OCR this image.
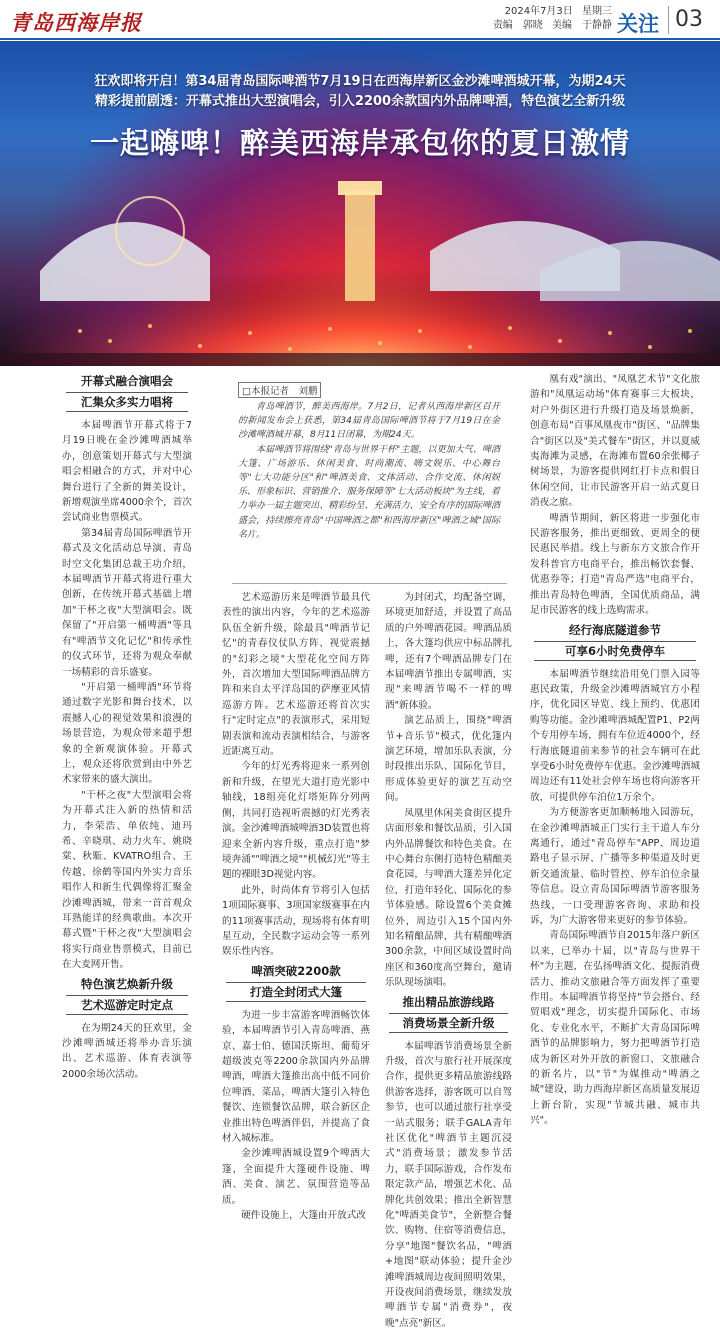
青岛西海岸报	2024年7月3日 星期三
责编　郭晓 美编　于静静 关注 03
狂欢即将开启！第34届青岛国际啤酒节7月19日在西海岸新区金沙滩啤酒城开幕，为期24天
精彩提前剧透：开幕式推出大型演唱会，引入2200余款国内外品牌啤酒，特色演艺全新升级
一起嗨啤！醉美西海岸承包你的夏日激情
开幕式融合演唱会
汇集众多实力唱将

本届啤酒节开幕式将于7月19日晚在金沙滩啤酒城举办，创意策划开幕式与大型演唱会相融合的方式，并对中心舞台进行了全新的舞美设计，新增观演坐席4000余个，首次尝试商业售票模式。

第34届青岛国际啤酒节开幕式及文化活动总导演、青岛时空文化集团总裁王功介绍，本届啤酒节开幕式将进行重大创新，在传统开幕式基础上增加"干杯之夜"大型演唱会。既保留了"开启第一桶啤酒"等具有"啤酒节文化记忆"和传承性的仪式环节，还将为观众奉献一场精彩的音乐盛宴。

"开启第一桶啤酒"环节将通过数字光影和舞台技术，以震撼人心的视觉效果和浪漫的场景营造，为观众带来超乎想象的全新观演体验。开幕式上，观众还将欣赏到由中外艺术家带来的盛大演出。

"干杯之夜"大型演唱会将为开幕式注入新的热情和活力，李荣浩、单依纯、迪玛希、辛晓琪、动力火车、姚晓棠、秋駈、KVATRO组合、王传越、徐鹤等国内外实力音乐唱作人和新生代偶像将汇聚金沙滩啤酒城，带来一首首观众耳熟能详的经典歌曲。本次开幕式暨"干杯之夜"大型演唱会将实行商业售票模式，目前已在大麦网开售。

特色演艺焕新升级
艺术巡游定时定点

在为期24天的狂欢里，金沙滩啤酒城还将举办音乐演出、艺术巡游、体育表演等2000余场次活动。

□本报记者　刘鹏

青岛啤酒节，醉美西海岸。7月2日，记者从西海岸新区召开的新闻发布会上获悉，第34届青岛国际啤酒节将于7月19日在金沙滩啤酒城开幕，8月11日闭幕，为期24天。

本届啤酒节将围绕"青岛与世界干杯"主题，以更加大气、啤酒大篷、广场游乐、休闲美食、时尚潮流、嗨文娱乐、中心舞台等"七大功能分区"和"啤酒美食、文体活动、合作交流、休闲娱乐、形象标识、营销推介、服务保障等"七大活动板块"为主线，着力举办一届主题突出、精彩纷呈、充满活力、安全有序的国际啤酒盛会，持续擦亮青岛"中国啤酒之都"和西海岸新区"啤酒之城"国际名片。

艺术巡游历来是啤酒节最具代表性的演出内容，今年的艺术巡游队伍全新升级，除最具"啤酒节记忆"的青春仪仗队方阵、视觉震撼的"幻彩之境"大型花化空间方阵外，首次增加大型国际啤酒品牌方阵和来自太平洋岛国的萨摩亚风情巡游方阵。艺术巡游还将首次实行"定时定点"的表演形式，采用短剧表演和流动表演相结合，与游客近距离互动。

今年的灯光秀将迎来一系列创新和升级，在望光大道打造光影中轴线，18组亮化灯塔矩阵分列两侧，共同打造视听震撼的灯光秀表演。金沙滩啤酒城啤酒3D装置也将迎来全新内容升级，重点打造"梦境奔涌""啤酒之境""机械幻光"等主题的裸眼3D视觉内容。

此外，时尚体育节将引入包括1项国际赛事、3项国家级赛事在内的11项赛事活动，现场将有体育明星互动，全民数字运动会等一系列娱乐性内容。

啤酒突破2200款
打造全封闭式大篷

为进一步丰富游客啤酒畅饮体验，本届啤酒节引入青岛啤酒、燕京、嘉士伯、德国沃斯坦、葡萄牙超级波克等2200余款国内外品牌啤酒，啤酒大篷推出高中低不同价位啤酒、菜品，啤酒大篷引入特色餐饮、连锁餐饮品牌，联合新区企业推出特色啤酒伴侣，并提高了食材入城标准。

金沙滩啤酒城设置9个啤酒大篷，全面提升大篷硬件设施、啤酒、美食、演艺、氛围营造等品质。

硬件设施上，大篷由开放式改

为封闭式，均配备空调，环境更加舒适，并设置了高品质的户外啤酒花园。啤酒品质上，各大篷均供应中标品牌扎啤，还有7个啤酒品牌专门在本届啤酒节推出专属啤酒，实现"来啤酒节喝不一样的啤酒"新体验。

演艺品质上，围绕"啤酒节+音乐节"模式，优化篷内演艺环境，增加乐队表演，分时段推出乐队、国际化节目，形成体验更好的演艺互动空间。

凤凰里休闲美食街区提升店面形象和餐饮品质，引入国内外品牌餐饮和特色美食。在中心舞台东侧打造特色精酿美食花园，与啤酒大篷差异化定位，打造年轻化、国际化的参节体验感。除设置6个美食摊位外，周边引入15个国内外知名精酿品牌，共有精酿啤酒300余款，中间区域设置时尚座区和360度高空舞台，邀请乐队现场演唱。

推出精品旅游线路
消费场景全新升级

本届啤酒节消费场景全新升级，首次与旅行社开展深度合作，提供更多精品旅游线路供游客选择，游客既可以自驾参节，也可以通过旅行社享受一站式服务；联手GALA青年社区优化"啤酒节主题沉浸式"消费场景；激发参节活力，联手国际游戏，合作发布限定款产品，增强艺术化、品牌化共创效果；推出全新智慧化"啤酒美食节"，全新整合餐饮、购物、住宿等消费信息，分享"地图"餐饮名品，"啤酒+地图"联动体验；提升金沙滩啤酒城周边夜间照明效果，开设夜间消费场景，继续发放啤酒节专属"消费券"，夜晚"点亮"新区。

凰有戏"演出、"凤凰艺术节"文化旅游和"凤凰运动场"体育赛事三大板块，对户外街区进行升级打造及场景焕新，创意布局"百事凤凰夜市"街区、"品牌集合"街区以及"美式餐车"街区，并以夏威夷海滩为灵感，在海滩布置60余张椰子树场景，为游客提供网红打卡点和假日休闲空间，让市民游客开启一站式夏日消夜之旅。

啤酒节期间，新区将进一步强化市民游客服务，推出更细致、更周全的便民惠民举措。线上与新东方文旅合作开发科普官方电商平台，推出畅饮套餐、优惠券等；打造"青岛严选"电商平台，推出青岛特色啤酒，全国优质商品，满足市民游客的线上选购需求。

经行海底隧道参节
可享6小时免费停车

本届啤酒节继续沿用免门票入园等惠民政策，升级金沙滩啤酒城官方小程序，优化园区导览、线上预约、优惠团购等功能。金沙滩啤酒城配置P1、P2两个专用停车场，拥有车位近4000个，经行海底隧道前来参节的社会车辆可在此享受6小时免费停车优惠。金沙滩啤酒城周边还有11处社会停车场也将向游客开放，可提供停车泊位1万余个。

为方便游客更加顺畅地入园游玩，在金沙滩啤酒城正门实行主干道人车分离通行，通过"青岛停车"APP、周边道路电子显示屏、广播等多种渠道及时更新交通流量、临时管控、停车泊位余量等信息。设立青岛国际啤酒节游客服务热线，一口受理游客咨询、求助和投诉，为广大游客带来更好的参节体验。

青岛国际啤酒节自2015年落户新区以来，已举办十届，以"青岛与世界干杯"为主题，在弘扬啤酒文化、提振消费活力、推动文旅融合等方面发挥了重要作用。本届啤酒节将坚持"节会搭台、经贸唱戏"理念，切实提升国际化、市场化、专业化水平，不断扩大青岛国际啤酒节的品牌影响力，努力把啤酒节打造成为新区对外开放的新窗口、文旅融合的新名片，以"节"为媒推动"啤酒之城"建设，助力西海岸新区高质量发展迈上新台阶，实现"节城共融、城市共兴"。
